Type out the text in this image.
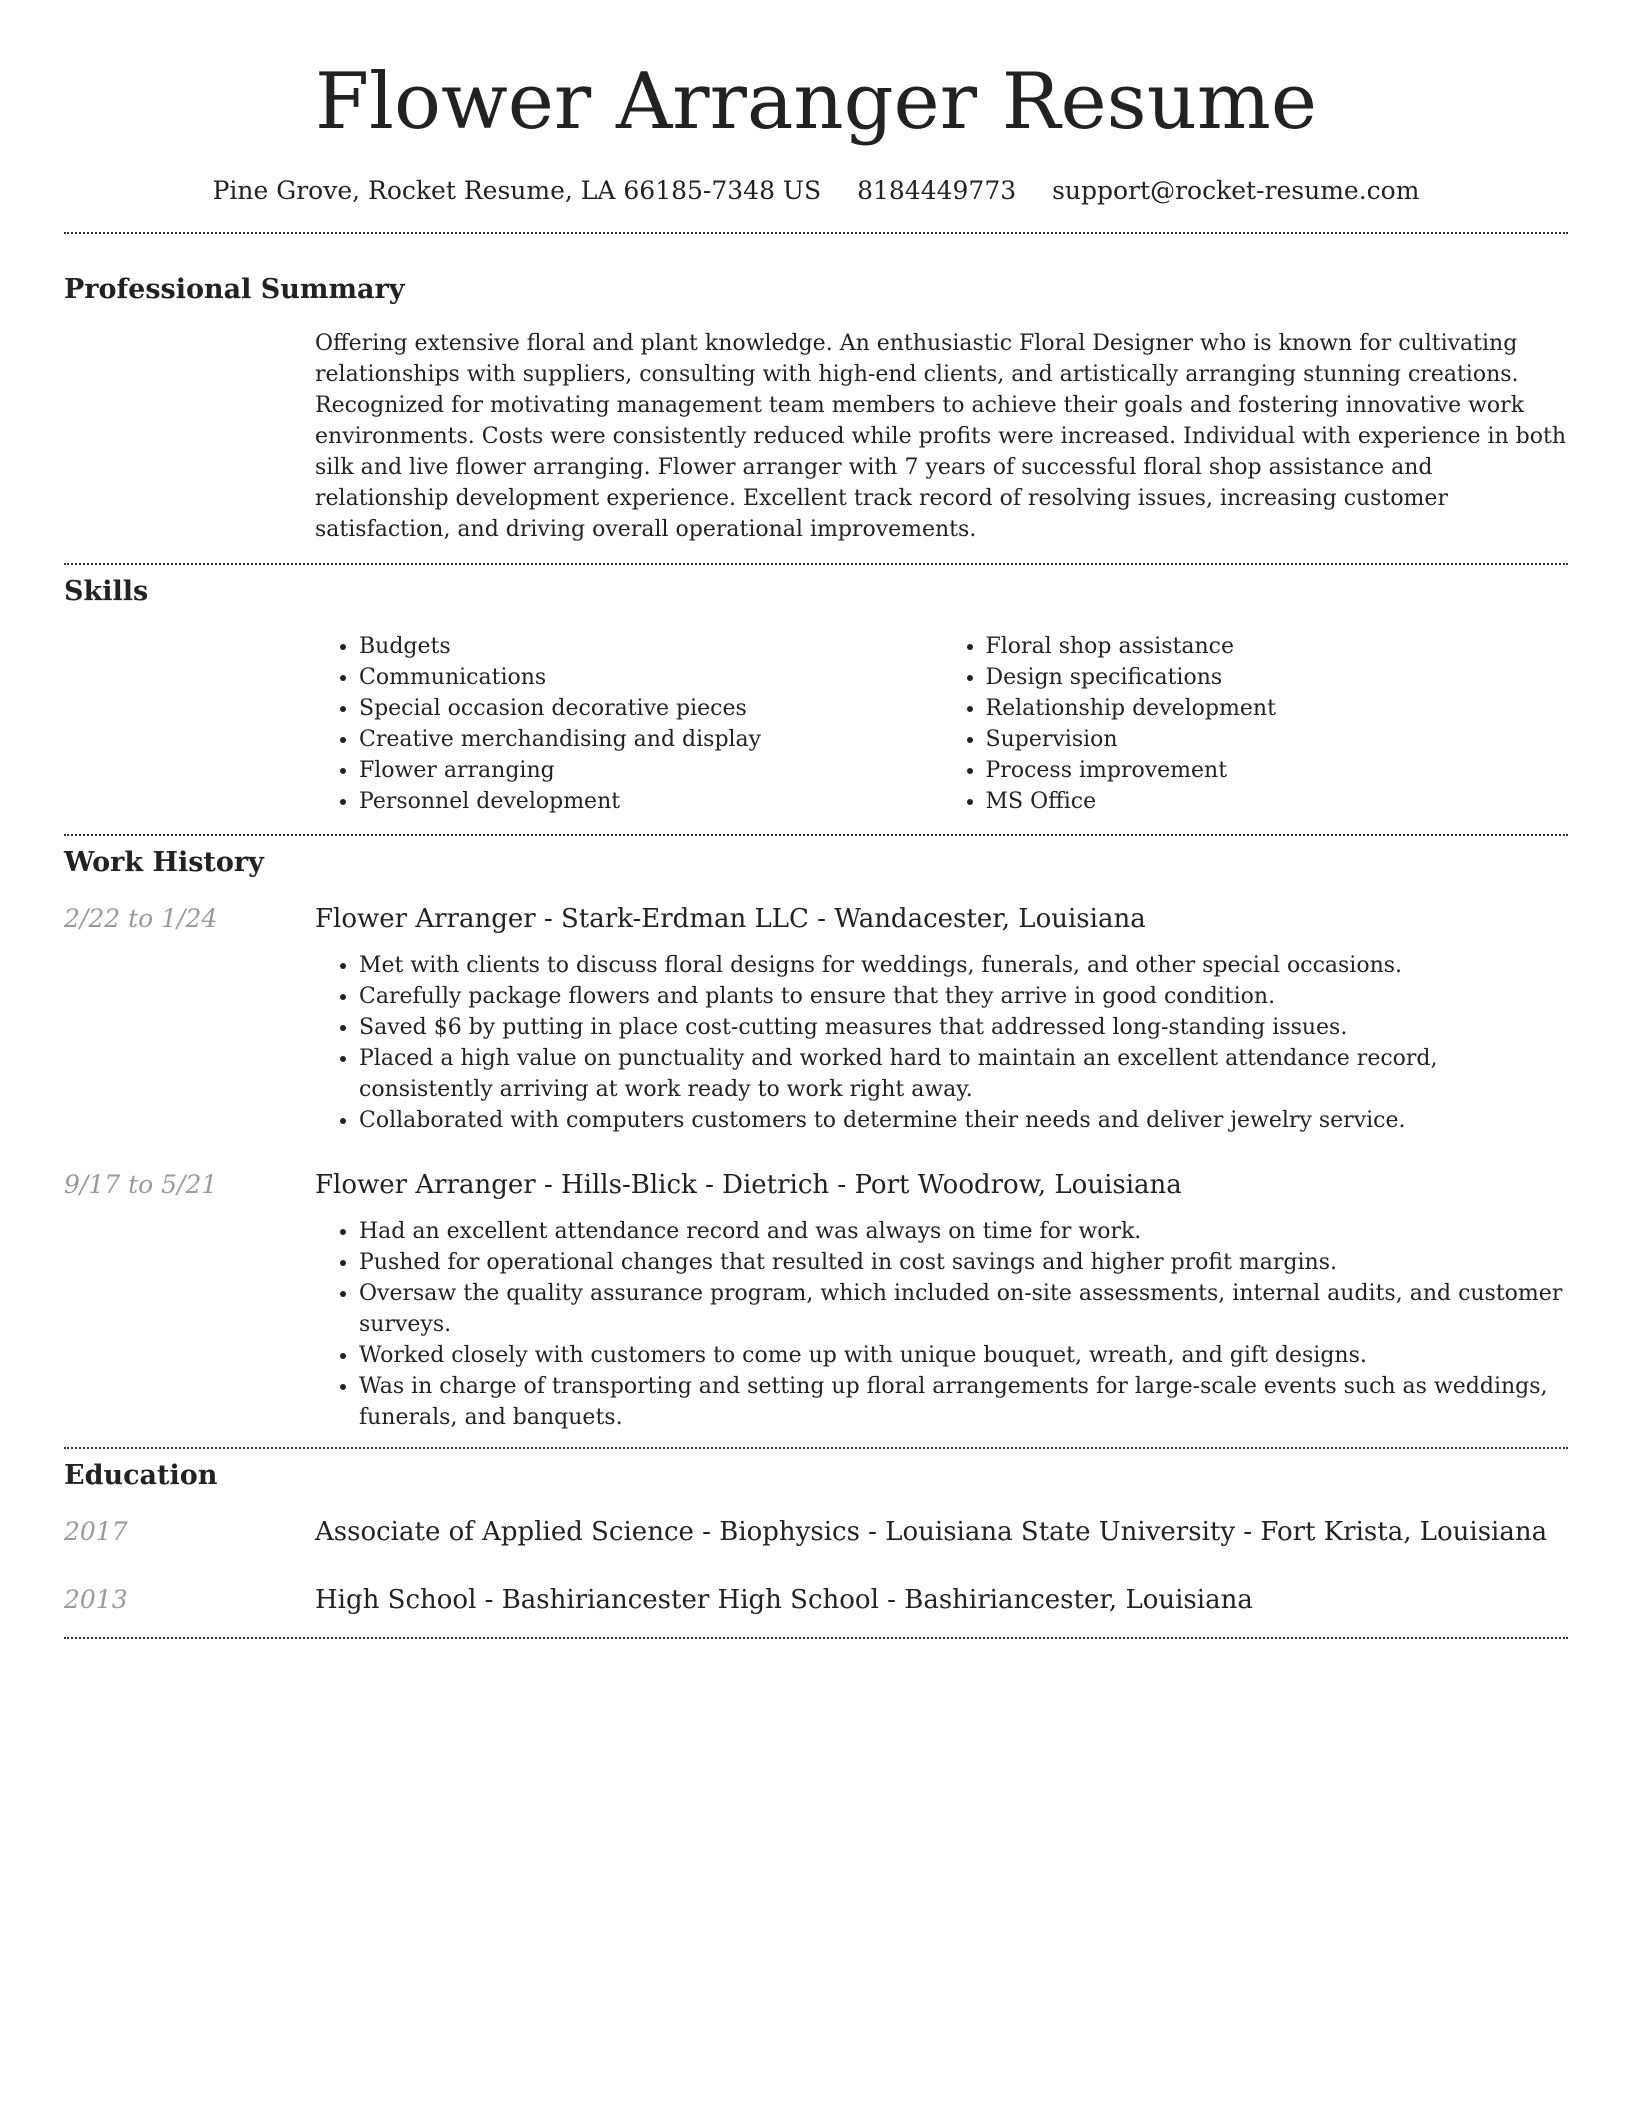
Flower Arranger Resume
Pine Grove, Rocket Resume, LA 66185-7348 US 8184449773 support@rocket-resume.com
Professional Summary
Offering extensive floral and plant knowledge. An enthusiastic Floral Designer who is known for cultivating relationships with suppliers, consulting with high-end clients, and artistically arranging stunning creations. Recognized for motivating management team members to achieve their goals and fostering innovative work environments. Costs were consistently reduced while profits were increased. Individual with experience in both silk and live flower arranging. Flower arranger with 7 years of successful floral shop assistance and relationship development experience. Excellent track record of resolving issues, increasing customer satisfaction, and driving overall operational improvements.
Skills
• Budgets
• Communications
• Special occasion decorative pieces
• Creative merchandising and display
• Flower arranging
• Personnel development
• Floral shop assistance
• Design specifications
• Relationship development
• Supervision
• Process improvement
• MS Office
Work History
2/22 to 1/24	Flower Arranger - Stark-Erdman LLC - Wandacester, Louisiana
• Met with clients to discuss floral designs for weddings, funerals, and other special occasions.
• Carefully package flowers and plants to ensure that they arrive in good condition.
• Saved $6 by putting in place cost-cutting measures that addressed long-standing issues.
• Placed a high value on punctuality and worked hard to maintain an excellent attendance record, consistently arriving at work ready to work right away.
• Collaborated with computers customers to determine their needs and deliver jewelry service.
9/17 to 5/21	Flower Arranger - Hills-Blick - Dietrich - Port Woodrow, Louisiana
• Had an excellent attendance record and was always on time for work.
• Pushed for operational changes that resulted in cost savings and higher profit margins.
• Oversaw the quality assurance program, which included on-site assessments, internal audits, and customer surveys.
• Worked closely with customers to come up with unique bouquet, wreath, and gift designs.
• Was in charge of transporting and setting up floral arrangements for large-scale events such as weddings, funerals, and banquets.
Education
2017	Associate of Applied Science - Biophysics - Louisiana State University - Fort Krista, Louisiana
2013	High School - Bashiriancester High School - Bashiriancester, Louisiana
